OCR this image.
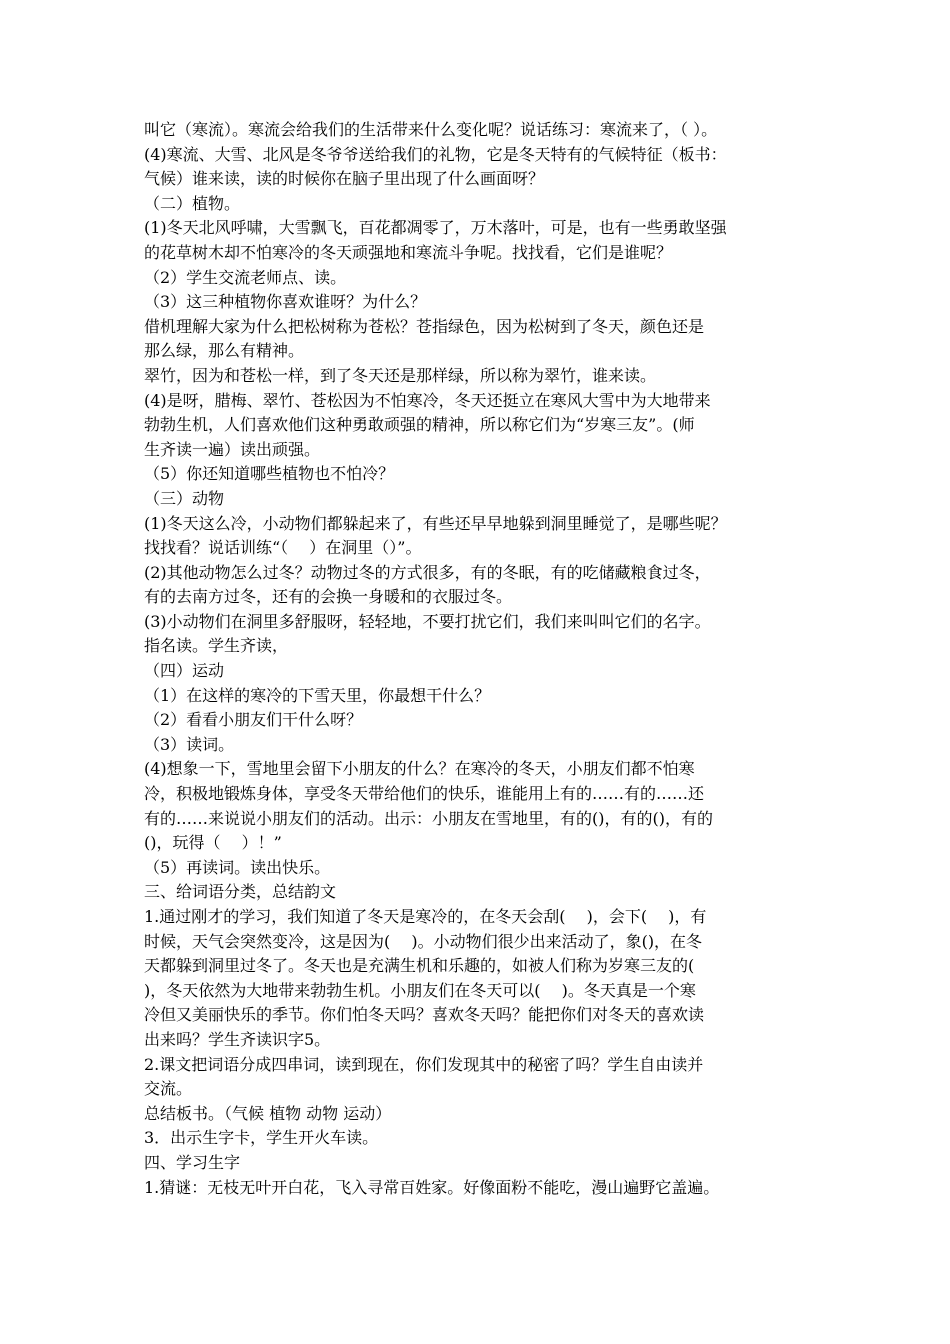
叫它（寒流）。寒流会给我们的生活带来什么变化呢？说话练习：寒流来了，（ ）。
(4)寒流、大雪、北风是冬爷爷送给我们的礼物，它是冬天特有的气候特征（板书：
气候）谁来读，读的时候你在脑子里出现了什么画面呀？
（二）植物。
(1)冬天北风呼啸，大雪飘飞，百花都凋零了，万木落叶，可是，也有一些勇敢坚强
的花草树木却不怕寒冷的冬天顽强地和寒流斗争呢。找找看，它们是谁呢？
（2）学生交流老师点、读。
（3）这三种植物你喜欢谁呀？为什么？
借机理解大家为什么把松树称为苍松？苍指绿色，因为松树到了冬天，颜色还是
那么绿，那么有精神。
翠竹，因为和苍松一样，到了冬天还是那样绿，所以称为翠竹，谁来读。
(4)是呀，腊梅、翠竹、苍松因为不怕寒冷，冬天还挺立在寒风大雪中为大地带来
勃勃生机，人们喜欢他们这种勇敢顽强的精神，所以称它们为“岁寒三友”。(师
生齐读一遍）读出顽强。
（5）你还知道哪些植物也不怕冷？
（三）动物
(1)冬天这么冷，小动物们都躲起来了，有些还早早地躲到洞里睡觉了，是哪些呢？
找找看？说话训练“（　 ）在洞里（）”。
(2)其他动物怎么过冬？动物过冬的方式很多，有的冬眠，有的吃储藏粮食过冬，
有的去南方过冬，还有的会换一身暖和的衣服过冬。
(3)小动物们在洞里多舒服呀，轻轻地，不要打扰它们，我们来叫叫它们的名字。
指名读。学生齐读，
（四）运动
（1）在这样的寒冷的下雪天里，你最想干什么？
（2）看看小朋友们干什么呀？
（3）读词。
(4)想象一下，雪地里会留下小朋友的什么？在寒冷的冬天，小朋友们都不怕寒
冷，积极地锻炼身体，享受冬天带给他们的快乐，谁能用上有的……有的……还
有的……来说说小朋友们的活动。出示：小朋友在雪地里，有的()，有的()，有的
()，玩得（　 ）！”
（5）再读词。读出快乐。
三、给词语分类，总结韵文
1.通过刚才的学习，我们知道了冬天是寒冷的，在冬天会刮(　 )，会下(　 )，有
时候，天气会突然变冷，这是因为(　 )。小动物们很少出来活动了，象()，在冬
天都躲到洞里过冬了。冬天也是充满生机和乐趣的，如被人们称为岁寒三友的(
)，冬天依然为大地带来勃勃生机。小朋友们在冬天可以(　 )。冬天真是一个寒
冷但又美丽快乐的季节。你们怕冬天吗？喜欢冬天吗？能把你们对冬天的喜欢读
出来吗？学生齐读识字5。
2.课文把词语分成四串词，读到现在，你们发现其中的秘密了吗？学生自由读并
交流。
总结板书。（气候 植物 动物 运动）
3．出示生字卡，学生开火车读。
四、学习生字
1.猜谜：无枝无叶开白花，飞入寻常百姓家。好像面粉不能吃，漫山遍野它盖遍。
